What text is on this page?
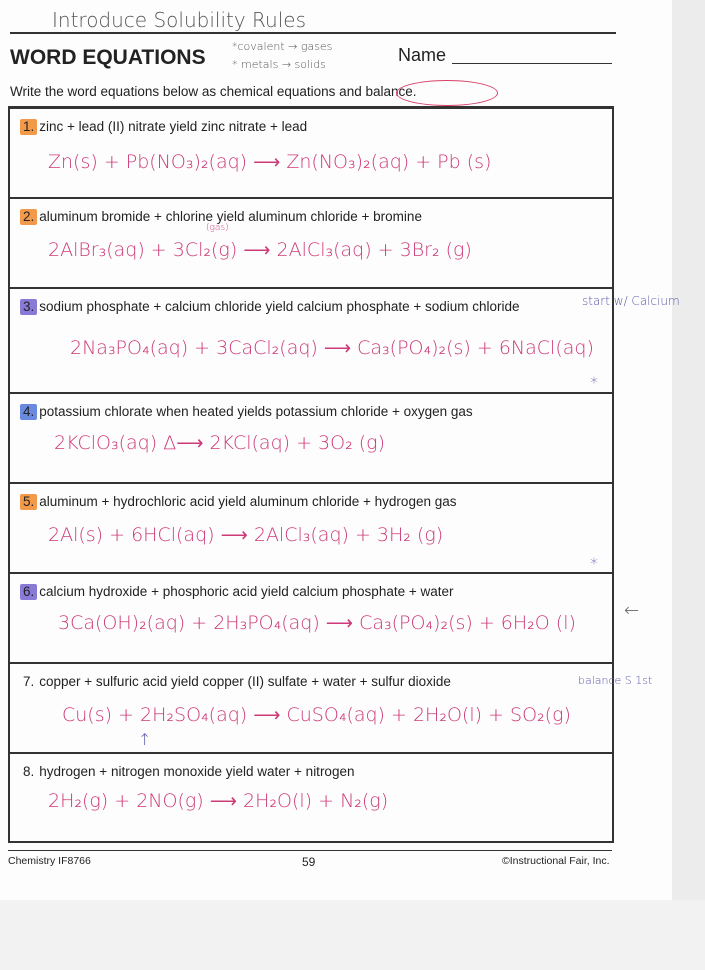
Introduce Solubility Rules
WORD EQUATIONS *covalent → gases
* metals → solids	Name
Write the word equations below as chemical equations and balance.
1. zinc + lead (II) nitrate yield zinc nitrate + lead
Zn(s) + Pb(NO₃)₂(aq) ⟶ Zn(NO₃)₂(aq) + Pb (s)
2. aluminum bromide + chlorine yield aluminum chloride + bromine
(gas)
2AlBr₃(aq) + 3Cl₂(g) ⟶ 2AlCl₃(aq) + 3Br₂ (g)
3. sodium phosphate + calcium chloride yield calcium phosphate + sodium chloride
2Na₃PO₄(aq) + 3CaCl₂(aq) ⟶ Ca₃(PO₄)₂(s) + 6NaCl(aq)
*
4. potassium chlorate when heated yields potassium chloride + oxygen gas
2KClO₃(aq) Δ⟶ 2KCl(aq) + 3O₂ (g)
5. aluminum + hydrochloric acid yield aluminum chloride + hydrogen gas
2Al(s) + 6HCl(aq) ⟶ 2AlCl₃(aq) + 3H₂ (g)
*
6. calcium hydroxide + phosphoric acid yield calcium phosphate + water
3Ca(OH)₂(aq) + 2H₃PO₄(aq) ⟶ Ca₃(PO₄)₂(s) + 6H₂O (l)
7. copper + sulfuric acid yield copper (II) sulfate + water + sulfur dioxide
Cu(s) + 2H₂SO₄(aq) ⟶ CuSO₄(aq) + 2H₂O(l) + SO₂(g)
↑
8. hydrogen + nitrogen monoxide yield water + nitrogen
2H₂(g) + 2NO(g) ⟶ 2H₂O(l) + N₂(g)
start w/ Calcium
←
balance S 1st
Chemistry IF8766	59	©Instructional Fair, Inc.
